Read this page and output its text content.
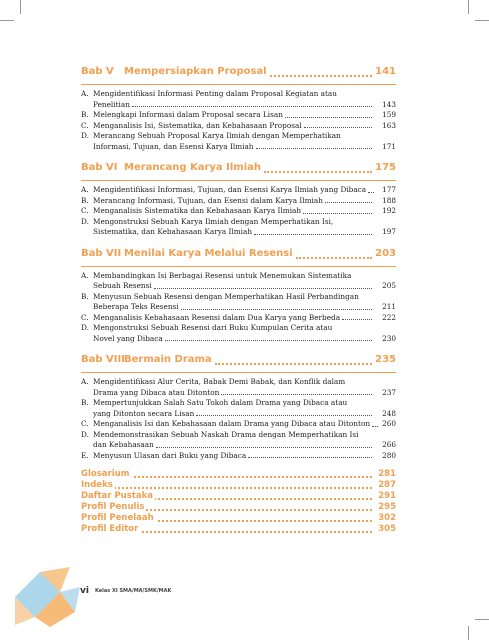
Bab V Mempersiapkan Proposal	141
A. Mengidentifikasi Informasi Penting dalam Proposal Kegiatan atau
Penelitian	143
B. Melengkapi Informasi dalam Proposal secara Lisan	159
C. Menganalisis Isi, Sistematika, dan Kebahasaan Proposal	163
D. Merancang Sebuah Proposal Karya Ilmiah dengan Memperhatikan
Informasi, Tujuan, dan Esensi Karya Ilmiah	171
Bab VI Merancang Karya Ilmiah	175
A. Mengidentifikasi Informasi, Tujuan, dan Esensi Karya Ilmiah yang Dibaca 177
B. Merancang Informasi, Tujuan, dan Esensi dalam Karya Ilmiah	188
C. Menganalisis Sistematika dan Kebahasaan Karya Ilmiah	192
D. Mengonstruksi Sebuah Karya Ilmiah dengan Memperhatikan Isi,
Sistematika, dan Kebahasaan Karya Ilmiah	197
Bab VII Menilai Karya Melalui Resensi	203
A. Membandingkan Isi Berbagai Resensi untuk Menemukan Sistematika
Sebuah Resensi	205
B. Menyusun Sebuah Resensi dengan Memperhatikan Hasil Perbandingan
Beberapa Teks Resensi	211
C. Menganalisis Kebahasaan Resensi dalam Dua Karya yang Berbeda	222
D. Mengonstruksi Sebuah Resensi dari Buku Kumpulan Cerita atau
Novel yang Dibaca	230
Bab VIII Bermain Drama	235
A. Mengidentifikasi Alur Cerita, Babak Demi Babak, dan Konflik dalam
Drama yang Dibaca atau Ditonton	237
B. Mempertunjukkan Salah Satu Tokoh dalam Drama yang Dibaca atau
yang Ditonton secara Lisan	248
C. Menganalisis Isi dan Kebahasaan dalam Drama yang Dibaca atau Ditonton 260
D. Mendemonstrasikan Sebuah Naskah Drama dengan Memperhatikan Isi
dan Kebahasaan	266
E. Menyusun Ulasan dari Buku yang Dibaca	280
Glosarium	281
Indeks	287
Daftar Pustaka	291
Profil Penulis	295
Profil Penelaah	302
Profil Editor	305
vi Kelas XI SMA/MA/SMK/MAK
